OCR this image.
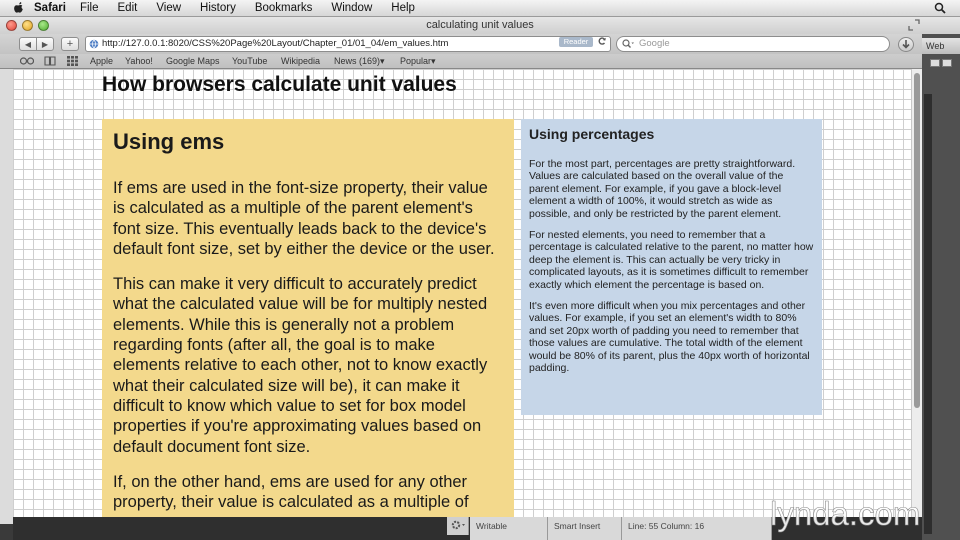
Safari File Edit View History Bookmarks Window Help
calculating unit values
◀ ▶ +	http://127.0.0.1:8020/CSS%20Page%20Layout/Chapter_01/01_04/em_values.htm	Reader	Google
Apple Yahoo! Google Maps YouTube Wikipedia News (169)▾ Popular▾
Web
How browsers calculate unit values
Using ems

If ems are used in the font-size property, their value is calculated as a multiple of the parent element's font size. This eventually leads back to the device's default font size, set by either the device or the user.

This can make it very difficult to accurately predict what the calculated value will be for multiply nested elements. While this is generally not a problem regarding fonts (after all, the goal is to make elements relative to each other, not to know exactly what their calculated size will be), it can make it difficult to know which value to set for box model properties if you're approximating values based on default document font size.

If, on the other hand, ems are used for any other property, their value is calculated as a multiple of

Using percentages

For the most part, percentages are pretty straightforward. Values are calculated based on the overall value of the parent element. For example, if you gave a block-level element a width of 100%, it would stretch as wide as possible, and only be restricted by the parent element.

For nested elements, you need to remember that a percentage is calculated relative to the parent, no matter how deep the element is. This can actually be very tricky in complicated layouts, as it is sometimes difficult to remember exactly which element the percentage is based on.

It's even more difficult when you mix percentages and other values. For example, if you set an element's width to 80% and set 20px worth of padding you need to remember that those values are cumulative. The total width of the element would be 80% of its parent, plus the 40px worth of horizontal padding.

Writable	Smart Insert	Line: 55 Column: 16	lynda.com
